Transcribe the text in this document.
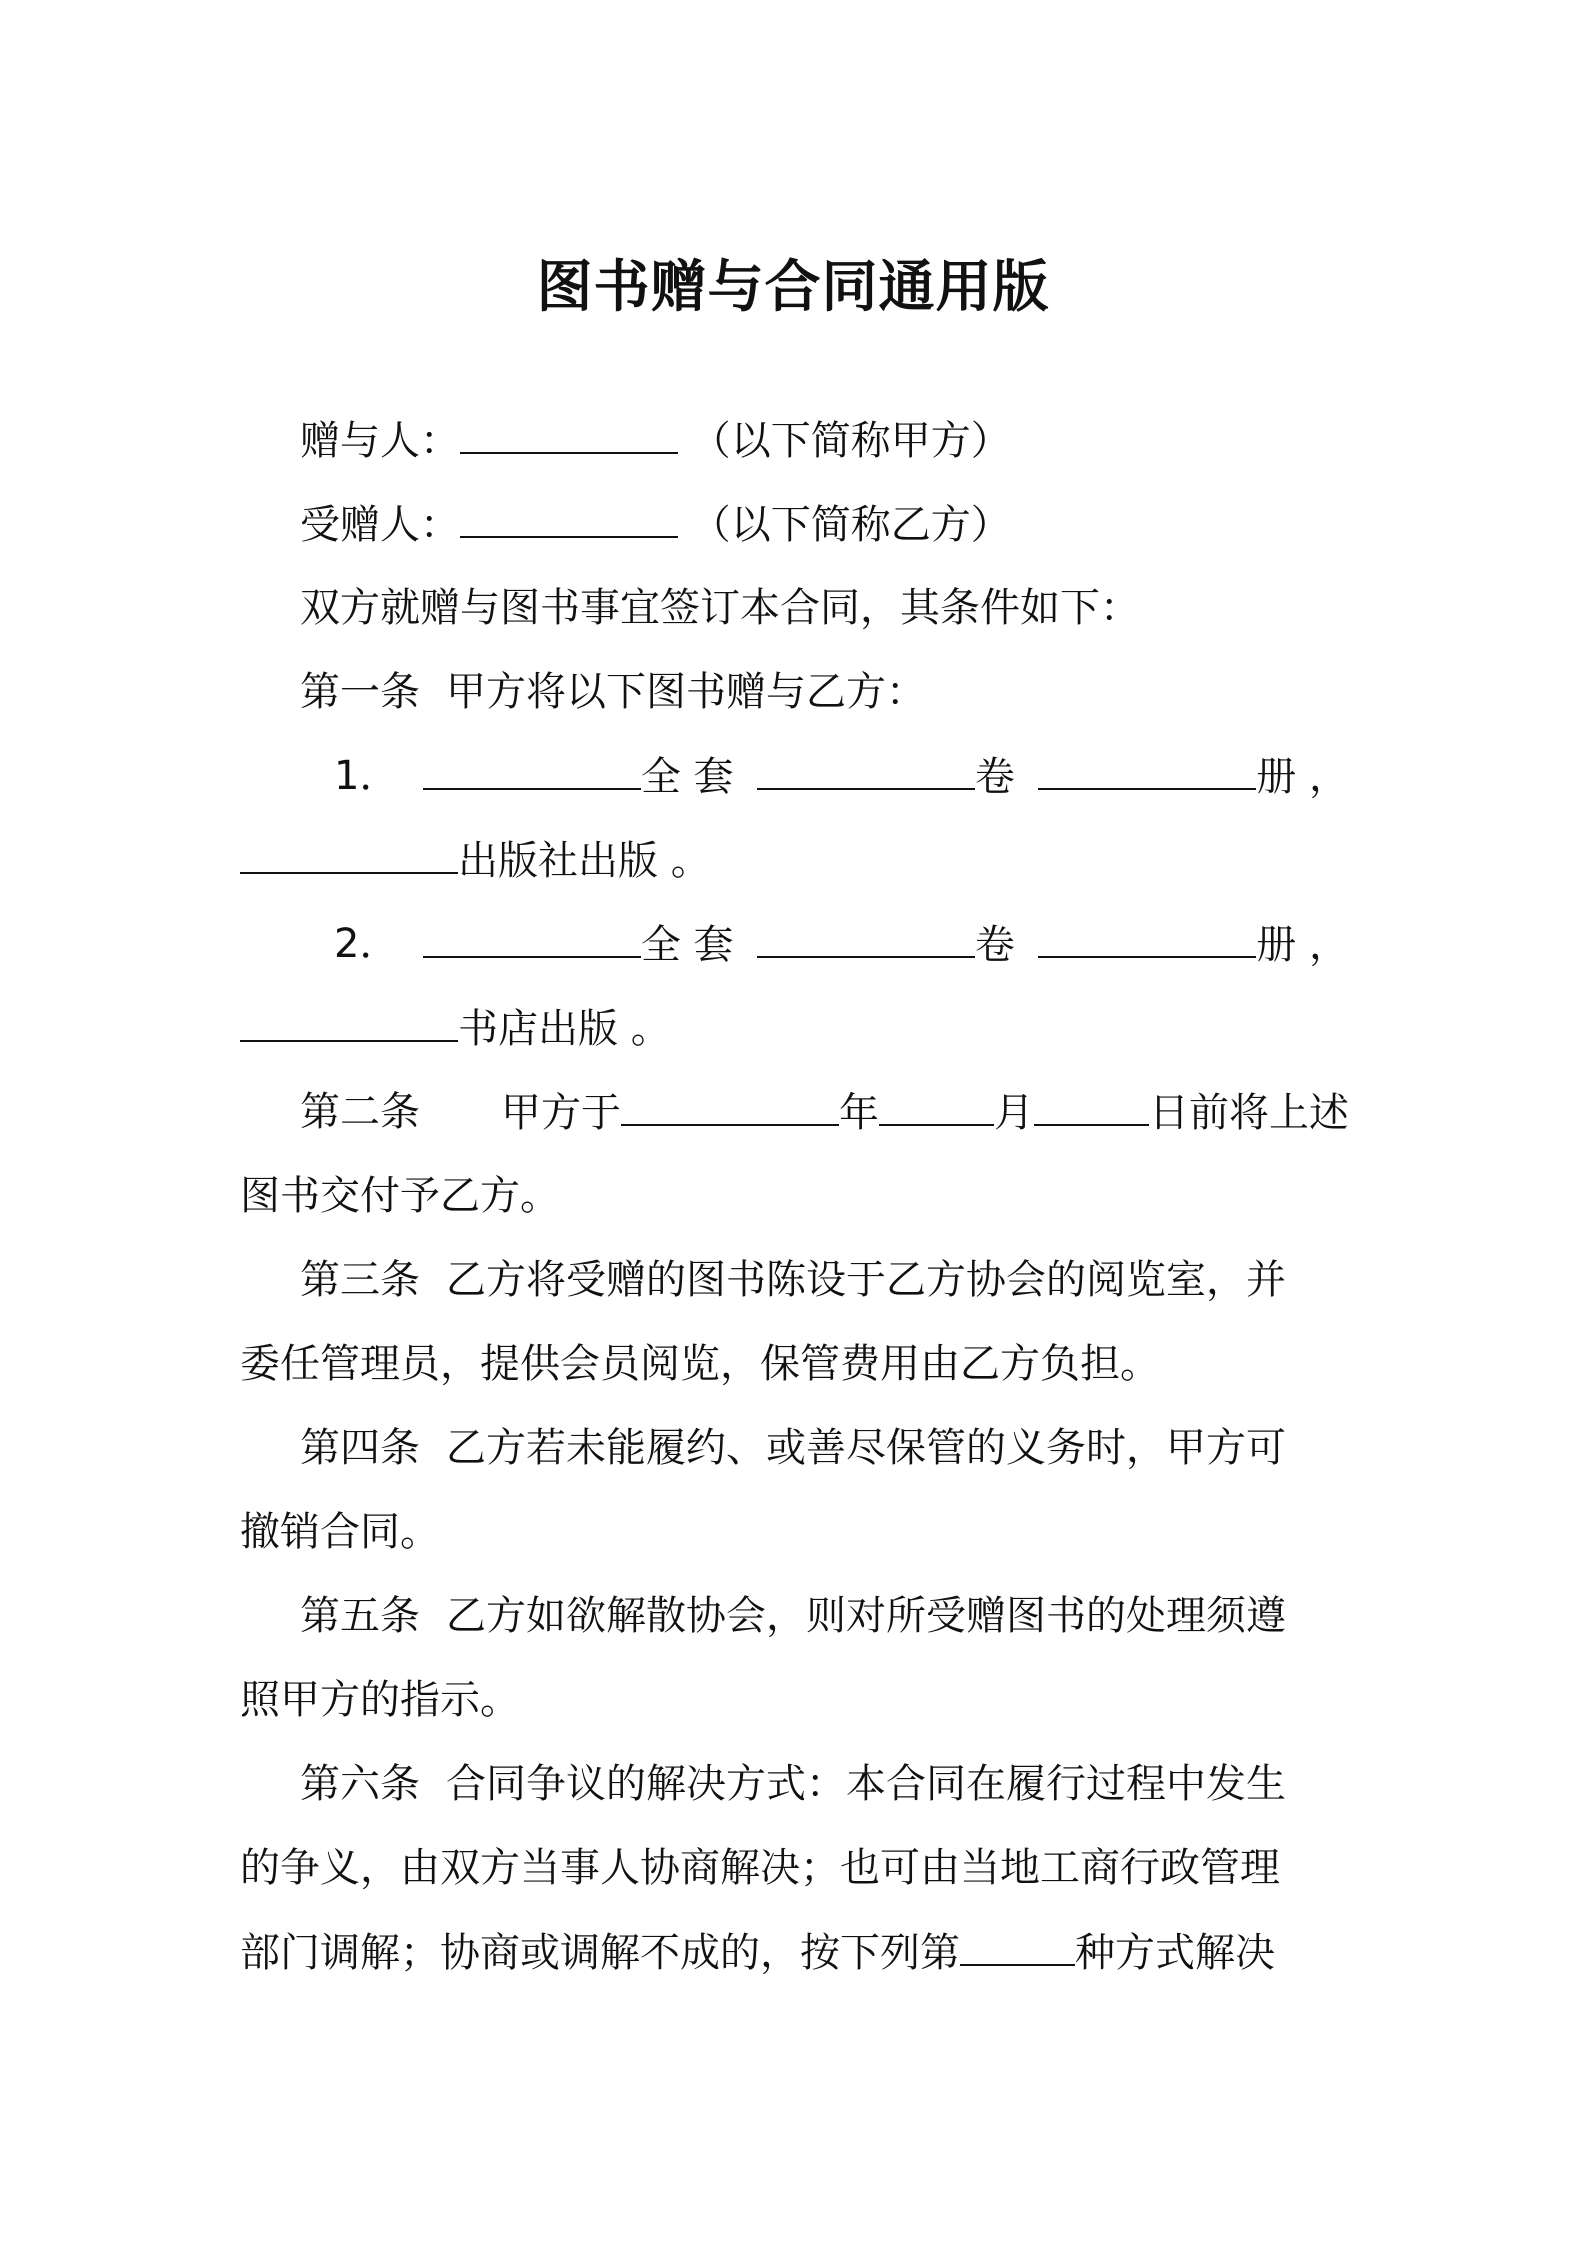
图书赠与合同通用版
赠与人：	（以下简称甲方）
受赠人：	（以下简称乙方）
双方就赠与图书事宜签订本合同，其条件如下：
第一条 甲方将以下图书赠与乙方：
1．	全 套	卷	册 ，
出版社出版 。
2．	全 套	卷	册 ，
书店出版 。
第二条 甲方于	年	月	日前将上述
图书交付予乙方。
第三条 乙方将受赠的图书陈设于乙方协会的阅览室，并
委任管理员，提供会员阅览，保管费用由乙方负担。
第四条 乙方若未能履约、或善尽保管的义务时，甲方可
撤销合同。
第五条 乙方如欲解散协会，则对所受赠图书的处理须遵
照甲方的指示。
第六条 合同争议的解决方式：本合同在履行过程中发生
的争义，由双方当事人协商解决；也可由当地工商行政管理
部门调解；协商或调解不成的，按下列第	种方式解决
